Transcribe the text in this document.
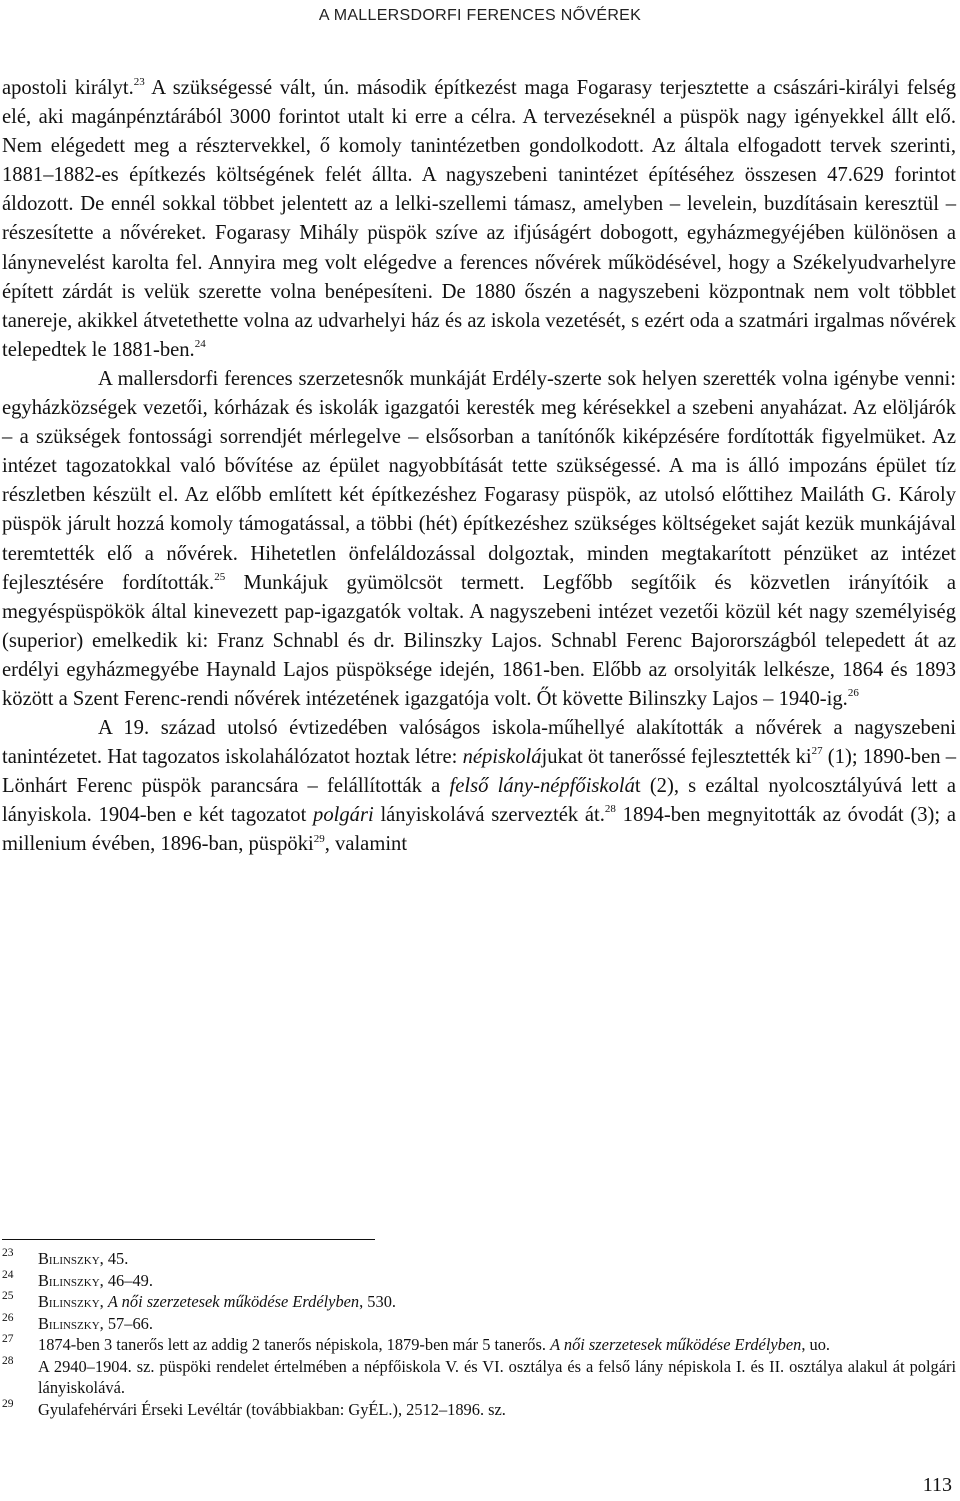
A MALLERSDORFI FERENCES NŐVÉREK

apostoli királyt.$^{23}$ A szükségessé vált, ún. második építkezést maga Fogarasy terjesztette a császári-királyi felség elé, aki magánpénztárából 3000 forintot utalt ki erre a célra. A tervezéseknél a püspök nagy igényekkel állt elő. Nem elégedett meg a résztervekkel, ő komoly tanintézetben gondolkodott. Az általa elfogadott tervek szerinti, 1881–1882-es építkezés költségének felét állta. A nagyszebeni tanintézet építéséhez összesen 47.629 forintot áldozott. De ennél sokkal többet jelentett az a lelki-szellemi támasz, amelyben – levelein, buzdításain keresztül – részesítette a nővéreket. Fogarasy Mihály püspök szíve az ifjúságért dobogott, egyházmegyéjében különösen a lánynevelést karolta fel. Annyira meg volt elégedve a ferences nővérek működésével, hogy a Székelyudvarhelyre épített zárdát is velük szerette volna benépesíteni. De 1880 őszén a nagyszebeni központnak nem volt többlet tanereje, akikkel átvetethette volna az udvarhelyi ház és az iskola vezetését, s ezért oda a szatmári irgalmas nővérek telepedtek le 1881-ben.$^{24}$

A mallersdorfi ferences szerzetesnők munkáját Erdély-szerte sok helyen szerették volna igénybe venni: egyházközségek vezetői, kórházak és iskolák igazgatói keresték meg kérésekkel a szebeni anyaházat. Az elöljárók – a szükségek fontossági sorrendjét mérlegelve – elsősorban a tanítónők kiképzésére fordították figyelmüket. Az intézet tagozatokkal való bővítése az épület nagyobbítását tette szükségessé. A ma is álló impozáns épület tíz részletben készült el. Az előbb említett két építkezéshez Fogarasy püspök, az utolsó előttihez Mailáth G. Károly püspök járult hozzá komoly támogatással, a többi (hét) építkezéshez szükséges költségeket saját kezük munkájával teremtették elő a nővérek. Hihetetlen önfeláldozással dolgoztak, minden megtakarított pénzüket az intézet fejlesztésére fordították.$^{25}$ Munkájuk gyümölcsöt termett. Legfőbb segítőik és közvetlen irányítóik a megyéspüspökök által kinevezett pap-igazgatók voltak. A nagyszebeni intézet vezetői közül két nagy személyiség (superior) emelkedik ki: Franz Schnabl és dr. Bilinszky Lajos. Schnabl Ferenc Bajorországból telepedett át az erdélyi egyházmegyébe Haynald Lajos püspöksége idején, 1861-ben. Előbb az orsolyiták lelkésze, 1864 és 1893 között a Szent Ferenc-rendi nővérek intézetének igazgatója volt. Őt követte Bilinszky Lajos – 1940-ig.$^{26}$

A 19. század utolsó évtizedében valóságos iskola-műhellyé alakították a nővérek a nagyszebeni tanintézetet. Hat tagozatos iskolahálózatot hoztak létre: népiskolájukat öt tanerőssé fejlesztették $ki^{27}$ (1); 1890-ben – Lönhárt Ferenc püspök parancsára – felállították a felső lány-népfőiskolát (2), s ezáltal nyolcosztályúvá lett a lányiskola. 1904-ben e két tagozatot polgári lányiskolává szervezték át.$^{28}$ 1894-ben megnyitották az óvodát (3); a millenium évében, 1896-ban, püspöki$^{29}$, valamint

23 Bilinszky, 45.
24 Bilinszky, 46–49.
25 Bilinszky, A női szerzetesek működése Erdélyben, 530.
26 Bilinszky, 57–66.
27 1874-ben 3 tanerős lett az addig 2 tanerős népiskola, 1879-ben már 5 tanerős. A női szerzetesek működése Erdélyben, uo.
28 A 2940–1904. sz. püspöki rendelet értelmében a népfőiskola V. és VI. osztálya és a felső lány népiskola I. és II. osztálya alakul át polgári lányiskolává.
29 Gyulafehérvári Érseki Levéltár (továbbiakban: GyÉL.), 2512–1896. sz.
113
